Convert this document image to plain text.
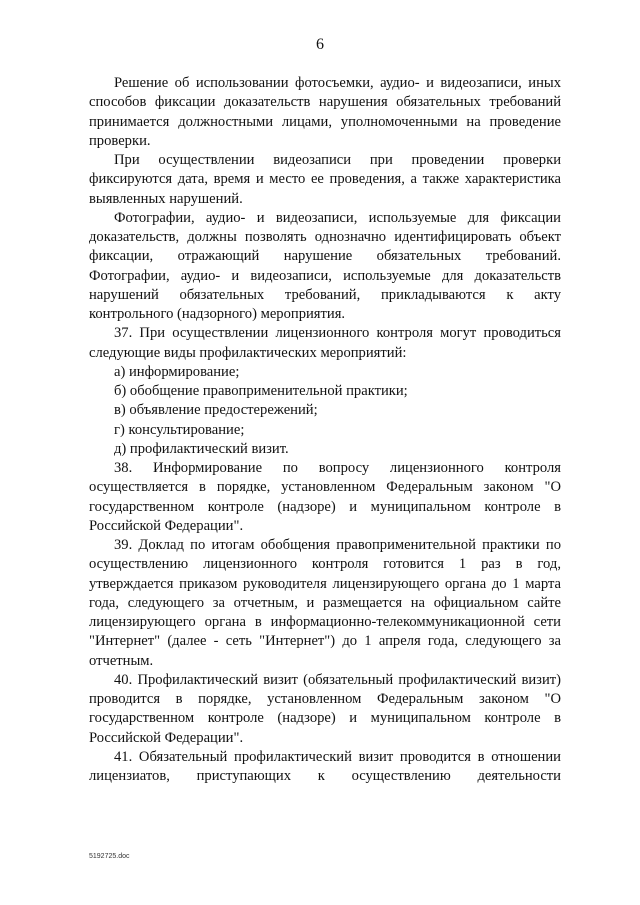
6

Решение об использовании фотосъемки, аудио- и видеозаписи, иных способов фиксации доказательств нарушения обязательных требований принимается должностными лицами, уполномоченными на проведение проверки.

При осуществлении видеозаписи при проведении проверки фиксируются дата, время и место ее проведения, а также характеристика выявленных нарушений.

Фотографии, аудио- и видеозаписи, используемые для фиксации доказательств, должны позволять однозначно идентифицировать объект фиксации, отражающий нарушение обязательных требований. Фотографии, аудио- и видеозаписи, используемые для доказательств нарушений обязательных требований, прикладываются к акту контрольного (надзорного) мероприятия.

37. При осуществлении лицензионного контроля могут проводиться следующие виды профилактических мероприятий:

а) информирование;

б) обобщение правоприменительной практики;

в) объявление предостережений;

г) консультирование;

д) профилактический визит.

38. Информирование по вопросу лицензионного контроля осуществляется в порядке, установленном Федеральным законом "О государственном контроле (надзоре) и муниципальном контроле в Российской Федерации".

39. Доклад по итогам обобщения правоприменительной практики по осуществлению лицензионного контроля готовится 1 раз в год, утверждается приказом руководителя лицензирующего органа до 1 марта года, следующего за отчетным, и размещается на официальном сайте лицензирующего органа в информационно-телекоммуникационной сети "Интернет" (далее - сеть "Интернет") до 1 апреля года, следующего за отчетным.

40. Профилактический визит (обязательный профилактический визит) проводится в порядке, установленном Федеральным законом "О государственном контроле (надзоре) и муниципальном контроле в Российской Федерации".

41. Обязательный профилактический визит проводится в отношении лицензиатов, приступающих к осуществлению деятельности

5192725.doc
